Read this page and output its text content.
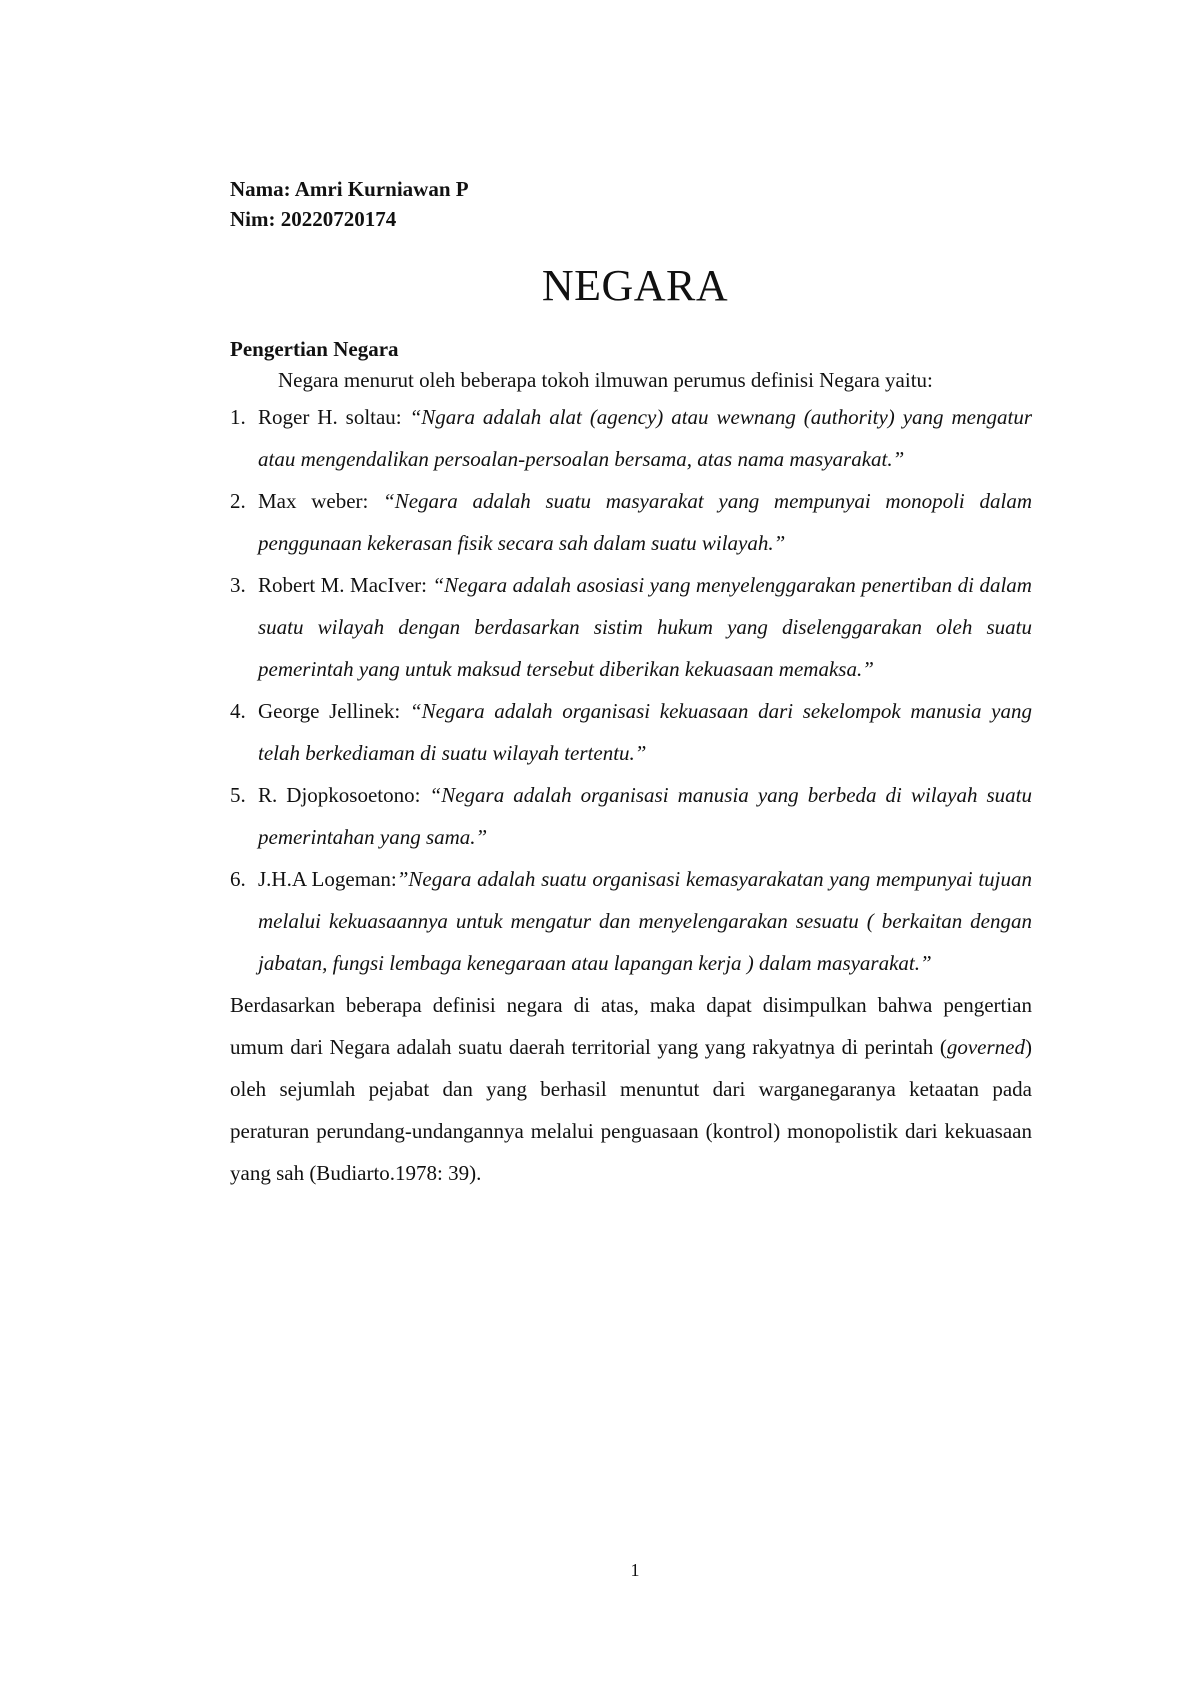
Nama: Amri Kurniawan P
Nim: 20220720174
NEGARA

Pengertian Negara

Negara menurut oleh beberapa tokoh ilmuwan perumus definisi Negara yaitu:

1. Roger H. soltau: “Ngara adalah alat (agency) atau wewnang (authority) yang mengatur atau mengendalikan persoalan-persoalan bersama, atas nama masyarakat.”
2. Max weber: “Negara adalah suatu masyarakat yang mempunyai monopoli dalam penggunaan kekerasan fisik secara sah dalam suatu wilayah.”
3. Robert M. MacIver: “Negara adalah asosiasi yang menyelenggarakan penertiban di dalam suatu wilayah dengan berdasarkan sistim hukum yang diselenggarakan oleh suatu pemerintah yang untuk maksud tersebut diberikan kekuasaan memaksa.”
4. George Jellinek: “Negara adalah organisasi kekuasaan dari sekelompok manusia yang telah berkediaman di suatu wilayah tertentu.”
5. R. Djopkosoetono: “Negara adalah organisasi manusia yang berbeda di wilayah suatu pemerintahan yang sama.”
6. J.H.A Logeman:”Negara adalah suatu organisasi kemasyarakatan yang mempunyai tujuan melalui kekuasaannya untuk mengatur dan menyelengarakan sesuatu ( berkaitan dengan jabatan, fungsi lembaga kenegaraan atau lapangan kerja ) dalam masyarakat.”

Berdasarkan beberapa definisi negara di atas, maka dapat disimpulkan bahwa pengertian umum dari Negara adalah suatu daerah territorial yang yang rakyatnya di perintah (governed) oleh sejumlah pejabat dan yang berhasil menuntut dari warganegaranya ketaatan pada peraturan perundang-undangannya melalui penguasaan (kontrol) monopolistik dari kekuasaan yang sah (Budiarto.1978: 39).

1
